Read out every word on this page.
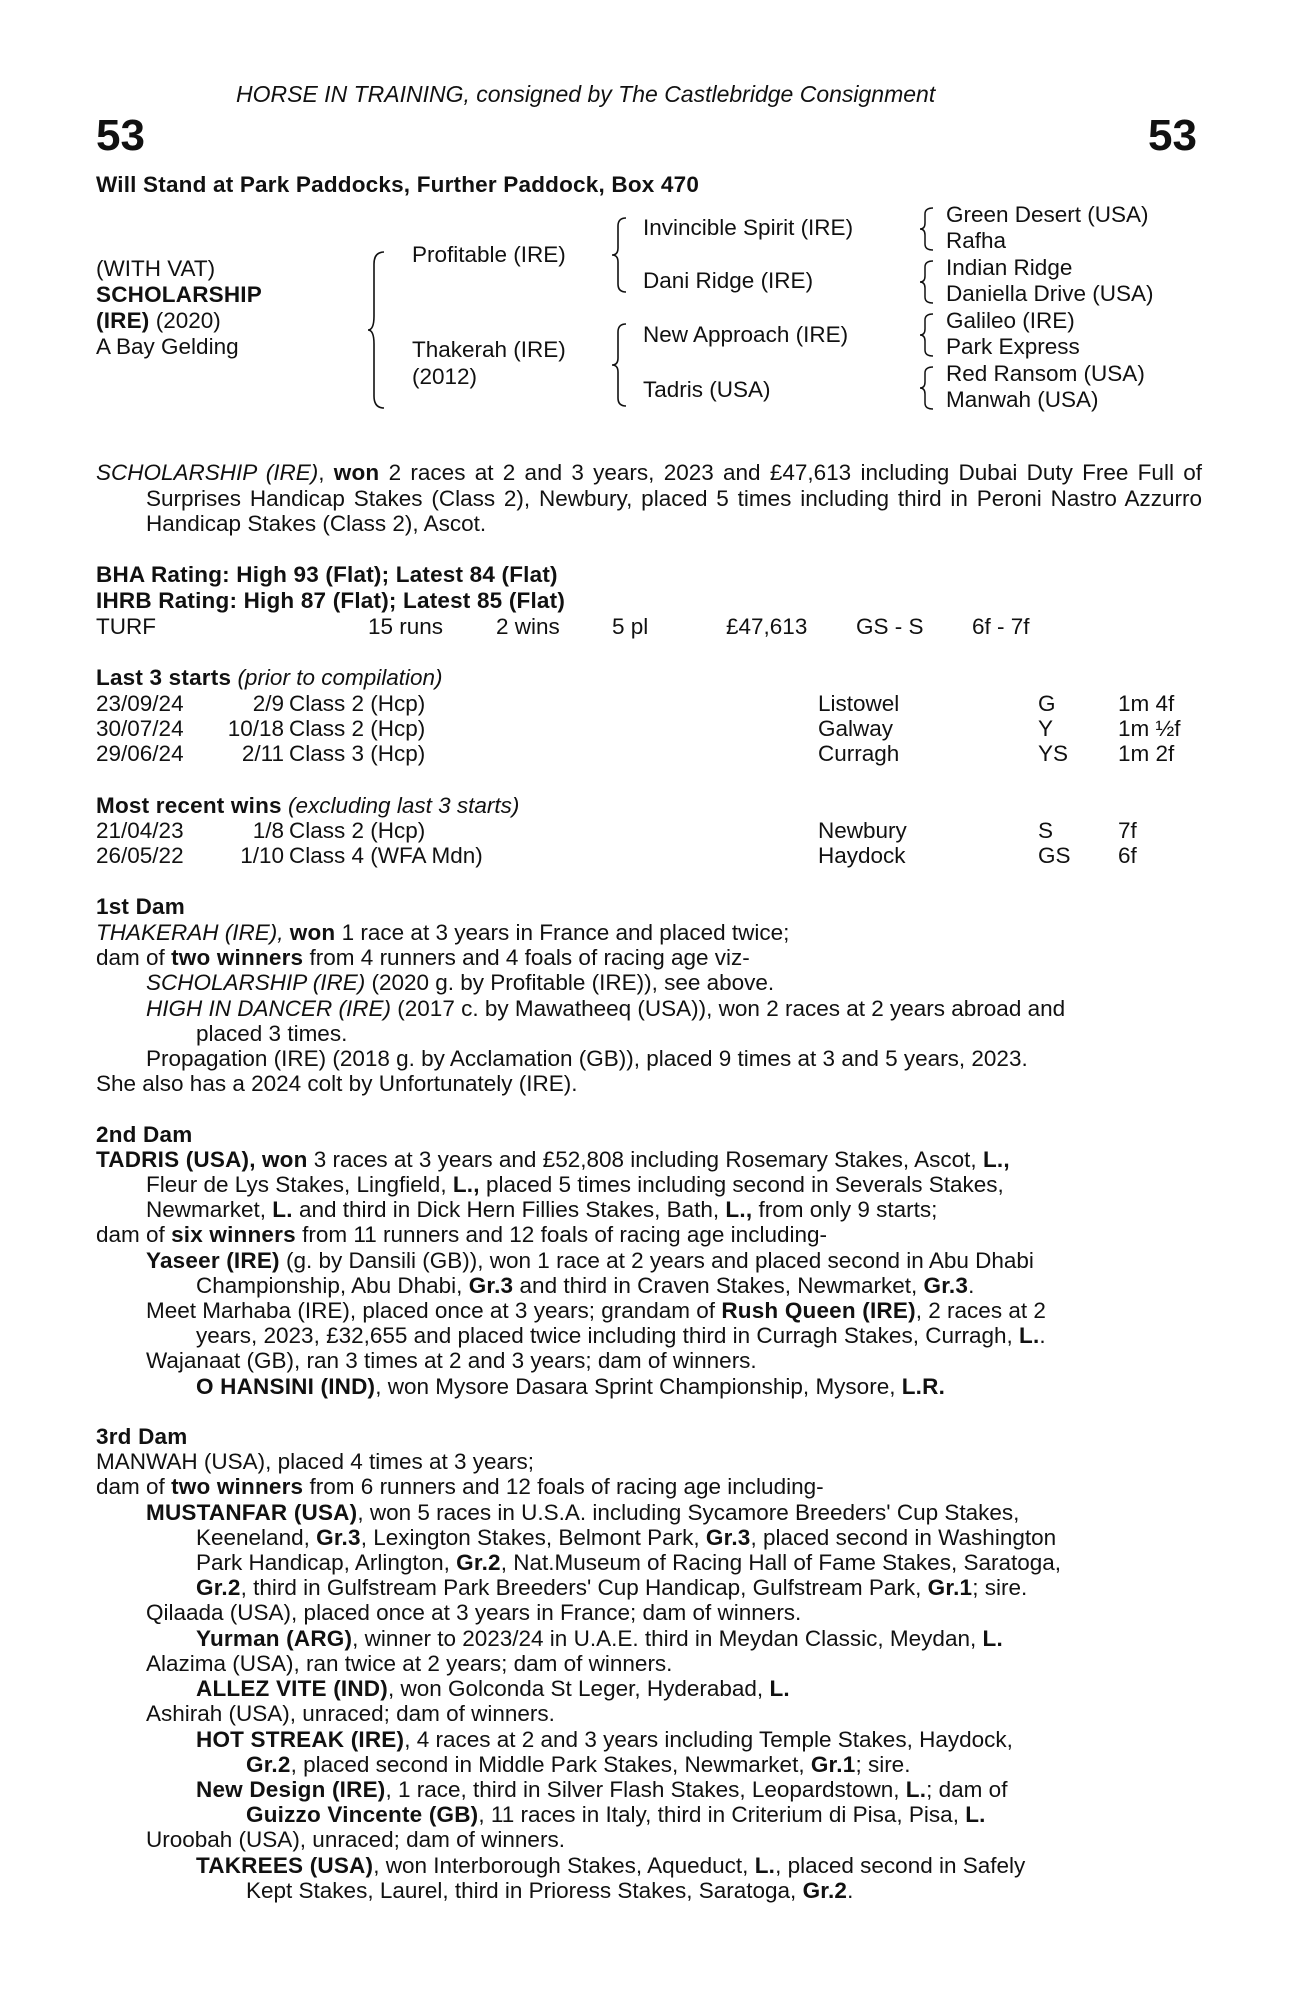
HORSE IN TRAINING, consigned by The Castlebridge Consignment
53	53
Will Stand at Park Paddocks, Further Paddock, Box 470
(WITH VAT)
SCHOLARSHIP
(IRE) (2020)
A Bay Gelding
Profitable (IRE)
Thakerah (IRE)
(2012)
Invincible Spirit (IRE)
Dani Ridge (IRE)
New Approach (IRE)
Tadris (USA)
Green Desert (USA)
Rafha
Indian Ridge
Daniella Drive (USA)
Galileo (IRE)
Park Express
Red Ransom (USA)
Manwah (USA)
SCHOLARSHIP (IRE), won 2 races at 2 and 3 years, 2023 and £47,613 including Dubai Duty Free Full of Surprises Handicap Stakes (Class 2), Newbury, placed 5 times including third in Peroni Nastro Azzurro Handicap Stakes (Class 2), Ascot.
BHA Rating: High 93 (Flat); Latest 84 (Flat)
IHRB Rating: High 87 (Flat); Latest 85 (Flat)
TURF	15 runs 2 wins 5 pl	£47,613 GS - S 6f - 7f
Last 3 starts (prior to compilation)
23/09/24	2/9 Class 2 (Hcp)	Listowel	G	1m 4f
30/07/24	10/18 Class 2 (Hcp)	Galway	Y	1m ½f
29/06/24	2/11 Class 3 (Hcp)	Curragh	YS 1m 2f
Most recent wins (excluding last 3 starts)
21/04/23	1/8 Class 2 (Hcp)	Newbury	S	7f
26/05/22	1/10 Class 4 (WFA Mdn)	Haydock	GS 6f
1st Dam
THAKERAH (IRE), won 1 race at 3 years in France and placed twice;
dam of two winners from 4 runners and 4 foals of racing age viz-
SCHOLARSHIP (IRE) (2020 g. by Profitable (IRE)), see above.
HIGH IN DANCER (IRE) (2017 c. by Mawatheeq (USA)), won 2 races at 2 years abroad and
placed 3 times.
Propagation (IRE) (2018 g. by Acclamation (GB)), placed 9 times at 3 and 5 years, 2023.
She also has a 2024 colt by Unfortunately (IRE).
2nd Dam
TADRIS (USA), won 3 races at 3 years and £52,808 including Rosemary Stakes, Ascot, L.,
Fleur de Lys Stakes, Lingfield, L., placed 5 times including second in Severals Stakes,
Newmarket, L. and third in Dick Hern Fillies Stakes, Bath, L., from only 9 starts;
dam of six winners from 11 runners and 12 foals of racing age including-
Yaseer (IRE) (g. by Dansili (GB)), won 1 race at 2 years and placed second in Abu Dhabi
Championship, Abu Dhabi, Gr.3 and third in Craven Stakes, Newmarket, Gr.3.
Meet Marhaba (IRE), placed once at 3 years; grandam of Rush Queen (IRE), 2 races at 2
years, 2023, £32,655 and placed twice including third in Curragh Stakes, Curragh, L..
Wajanaat (GB), ran 3 times at 2 and 3 years; dam of winners.
O HANSINI (IND), won Mysore Dasara Sprint Championship, Mysore, L.R.
3rd Dam
MANWAH (USA), placed 4 times at 3 years;
dam of two winners from 6 runners and 12 foals of racing age including-
MUSTANFAR (USA), won 5 races in U.S.A. including Sycamore Breeders' Cup Stakes,
Keeneland, Gr.3, Lexington Stakes, Belmont Park, Gr.3, placed second in Washington
Park Handicap, Arlington, Gr.2, Nat.Museum of Racing Hall of Fame Stakes, Saratoga,
Gr.2, third in Gulfstream Park Breeders' Cup Handicap, Gulfstream Park, Gr.1; sire.
Qilaada (USA), placed once at 3 years in France; dam of winners.
Yurman (ARG), winner to 2023/24 in U.A.E. third in Meydan Classic, Meydan, L.
Alazima (USA), ran twice at 2 years; dam of winners.
ALLEZ VITE (IND), won Golconda St Leger, Hyderabad, L.
Ashirah (USA), unraced; dam of winners.
HOT STREAK (IRE), 4 races at 2 and 3 years including Temple Stakes, Haydock,
Gr.2, placed second in Middle Park Stakes, Newmarket, Gr.1; sire.
New Design (IRE), 1 race, third in Silver Flash Stakes, Leopardstown, L.; dam of
Guizzo Vincente (GB), 11 races in Italy, third in Criterium di Pisa, Pisa, L.
Uroobah (USA), unraced; dam of winners.
TAKREES (USA), won Interborough Stakes, Aqueduct, L., placed second in Safely
Kept Stakes, Laurel, third in Prioress Stakes, Saratoga, Gr.2.
